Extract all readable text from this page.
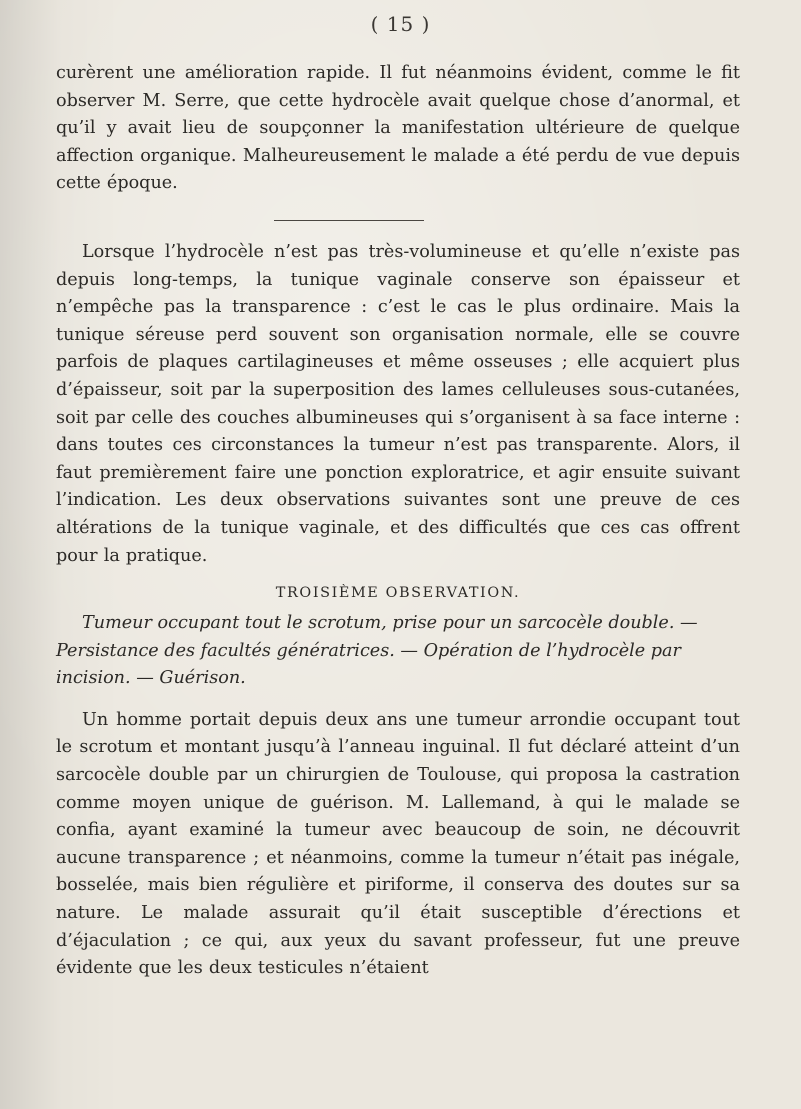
( 15 )

curèrent une amélioration rapide. Il fut néanmoins évident, comme le fit observer M. Serre, que cette hydrocèle avait quelque chose d’anormal, et qu’il y avait lieu de soupçonner la manifestation ultérieure de quelque affection organique. Malheureusement le malade a été perdu de vue depuis cette époque.

Lorsque l’hydrocèle n’est pas très-volumineuse et qu’elle n’existe pas depuis long-temps, la tunique vaginale conserve son épaisseur et n’empêche pas la transparence : c’est le cas le plus ordinaire. Mais la tunique séreuse perd souvent son organisation normale, elle se couvre parfois de plaques cartilagineuses et même osseuses ; elle acquiert plus d’épaisseur, soit par la superposition des lames celluleuses sous-cutanées, soit par celle des couches albumineuses qui s’organisent à sa face interne : dans toutes ces circonstances la tumeur n’est pas transparente. Alors, il faut premièrement faire une ponction exploratrice, et agir ensuite suivant l’indication. Les deux observations suivantes sont une preuve de ces altérations de la tunique vaginale, et des difficultés que ces cas offrent pour la pratique.

TROISIÈME OBSERVATION.

Tumeur occupant tout le scrotum, prise pour un sarcocèle double. — Persistance des facultés génératrices. — Opération de l’hydrocèle par incision. — Guérison.

Un homme portait depuis deux ans une tumeur arrondie occupant tout le scrotum et montant jusqu’à l’anneau inguinal. Il fut déclaré atteint d’un sarcocèle double par un chirurgien de Toulouse, qui proposa la castration comme moyen unique de guérison. M. Lallemand, à qui le malade se confia, ayant examiné la tumeur avec beaucoup de soin, ne découvrit aucune transparence ; et néanmoins, comme la tumeur n’était pas inégale, bosselée, mais bien régulière et piriforme, il conserva des doutes sur sa nature. Le malade assurait qu’il était susceptible d’érections et d’éjaculation ; ce qui, aux yeux du savant professeur, fut une preuve évidente que les deux testicules n’étaient
